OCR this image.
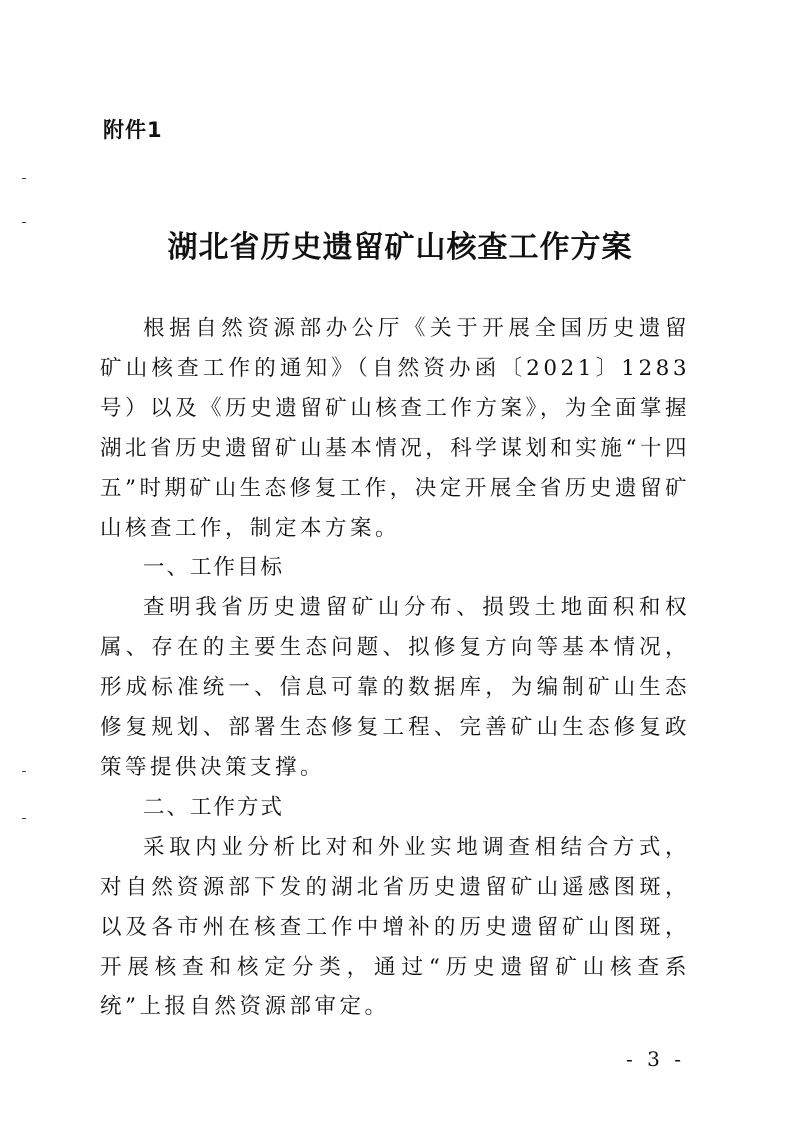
附件1
湖北省历史遗留矿山核查工作方案

根据自然资源部办公厅《关于开展全国历史遗留矿山核查工作的通知》（自然资办函〔2021〕1283号）以及《历史遗留矿山核查工作方案》，为全面掌握湖北省历史遗留矿山基本情况，科学谋划和实施“十四五”时期矿山生态修复工作，决定开展全省历史遗留矿山核查工作，制定本方案。

一、工作目标

查明我省历史遗留矿山分布、损毁土地面积和权属、存在的主要生态问题、拟修复方向等基本情况，形成标准统一、信息可靠的数据库，为编制矿山生态修复规划、部署生态修复工程、完善矿山生态修复政策等提供决策支撑。

二、工作方式

采取内业分析比对和外业实地调查相结合方式，对自然资源部下发的湖北省历史遗留矿山遥感图斑，以及各市州在核查工作中增补的历史遗留矿山图斑，开展核查和核定分类，通过“历史遗留矿山核查系统”上报自然资源部审定。

- 3 -
